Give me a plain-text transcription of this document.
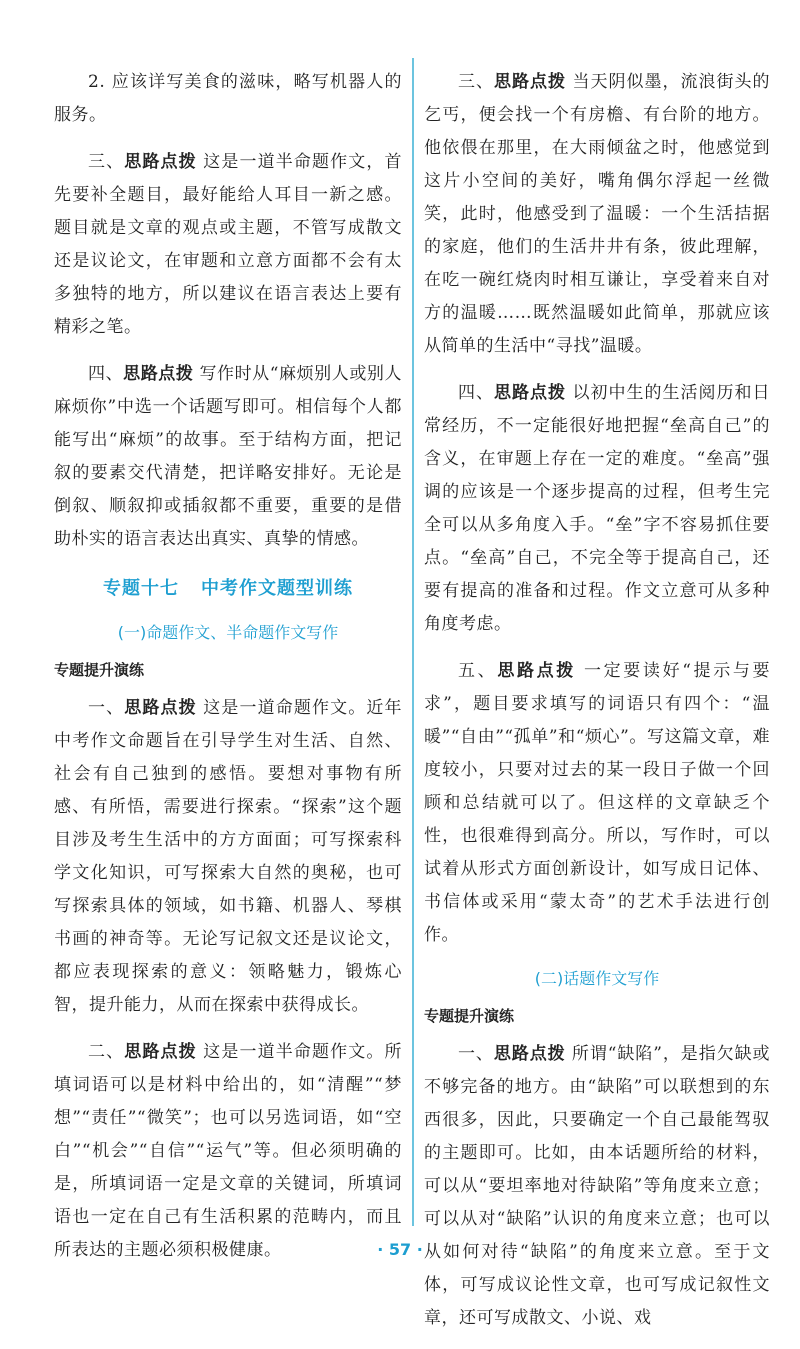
2. 应该详写美食的滋味，略写机器人的服务。

三、思路点拨 这是一道半命题作文，首先要补全题目，最好能给人耳目一新之感。题目就是文章的观点或主题，不管写成散文还是议论文，在审题和立意方面都不会有太多独特的地方，所以建议在语言表达上要有精彩之笔。

四、思路点拨 写作时从“麻烦别人或别人麻烦你”中选一个话题写即可。相信每个人都能写出“麻烦”的故事。至于结构方面，把记叙的要素交代清楚，把详略安排好。无论是倒叙、顺叙抑或插叙都不重要，重要的是借助朴实的语言表达出真实、真挚的情感。

专题十七 中考作文题型训练
(一)命题作文、半命题作文写作
专题提升演练

一、思路点拨 这是一道命题作文。近年中考作文命题旨在引导学生对生活、自然、社会有自己独到的感悟。要想对事物有所感、有所悟，需要进行探索。“探索”这个题目涉及考生生活中的方方面面；可写探索科学文化知识，可写探索大自然的奥秘，也可写探索具体的领域，如书籍、机器人、琴棋书画的神奇等。无论写记叙文还是议论文，都应表现探索的意义：领略魅力，锻炼心智，提升能力，从而在探索中获得成长。

二、思路点拨 这是一道半命题作文。所填词语可以是材料中给出的，如“清醒”“梦想”“责任”“微笑”；也可以另选词语，如“空白”“机会”“自信”“运气”等。但必须明确的是，所填词语一定是文章的关键词，所填词语也一定在自己有生活积累的范畴内，而且所表达的主题必须积极健康。

三、思路点拨 当天阴似墨，流浪街头的乞丐，便会找一个有房檐、有台阶的地方。他依偎在那里，在大雨倾盆之时，他感觉到这片小空间的美好，嘴角偶尔浮起一丝微笑，此时，他感受到了温暖：一个生活拮据的家庭，他们的生活井井有条，彼此理解，在吃一碗红烧肉时相互谦让，享受着来自对方的温暖……既然温暖如此简单，那就应该从简单的生活中“寻找”温暖。

四、思路点拨 以初中生的生活阅历和日常经历，不一定能很好地把握“垒高自己”的含义，在审题上存在一定的难度。“垒高”强调的应该是一个逐步提高的过程，但考生完全可以从多角度入手。“垒”字不容易抓住要点。“垒高”自己，不完全等于提高自己，还要有提高的准备和过程。作文立意可从多种角度考虑。

五、思路点拨 一定要读好“提示与要求”，题目要求填写的词语只有四个：“温暖”“自由”“孤单”和“烦心”。写这篇文章，难度较小，只要对过去的某一段日子做一个回顾和总结就可以了。但这样的文章缺乏个性，也很难得到高分。所以，写作时，可以试着从形式方面创新设计，如写成日记体、书信体或采用“蒙太奇”的艺术手法进行创作。

(二)话题作文写作
专题提升演练

一、思路点拨 所谓“缺陷”，是指欠缺或不够完备的地方。由“缺陷”可以联想到的东西很多，因此，只要确定一个自己最能驾驭的主题即可。比如，由本话题所给的材料，可以从“要坦率地对待缺陷”等角度来立意；可以从对“缺陷”认识的角度来立意；也可以从如何对待“缺陷”的角度来立意。至于文体，可写成议论性文章，也可写成记叙性文章，还可写成散文、小说、戏

· 57 ·
